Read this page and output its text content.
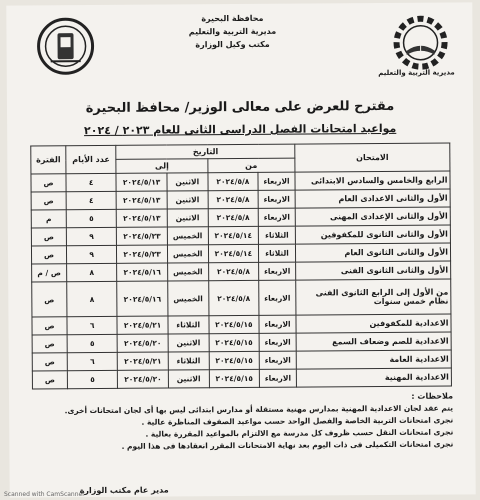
محافظة البحيرة
مديرية التربية والتعليم
مكتب وكيل الوزارة
مديرية التربية والتعليم
مقترح للعرض على معالى الوزير/ محافظ البحيرة
مواعيد امتحانات الفصل الدراسى الثانى للعام ٢٠٢٣ / ٢٠٢٤
الامتحان	التاريخ				عدد الأيام	الفترة
	من		إلى			
الرابع والخامس والسادس الابتدائى	الاربعاء	٢٠٢٤/٥/٨	الاثنين	٢٠٢٤/٥/١٣	٤	ص
الأول والثانى الاعدادى العام	الاربعاء	٢٠٢٤/٥/٨	الاثنين	٢٠٢٤/٥/١٣	٤	ص
الأول والثانى الإعدادى المهنى	الاربعاء	٢٠٢٤/٥/٨	الاثنين	٢٠٢٤/٥/١٣	٥	م
الأول والثانى الثانوى للمكفوفين	الثلاثاء	٢٠٢٤/٥/١٤	الخميس	٢٠٢٤/٥/٢٣	٩	ص
الأول والثانى الثانوى العام	الثلاثاء	٢٠٢٤/٥/١٤	الخميس	٢٠٢٤/٥/٢٣	٩	ص
الأول والثانى الثانوى الفنى	الاربعاء	٢٠٢٤/٥/٨	الخميس	٢٠٢٤/٥/١٦	٨	ص / م
من الأول إلى الرابع الثانوى الفنى نظام خمس سنوات	الاربعاء	٢٠٢٤/٥/٨	الخميس	٢٠٢٤/٥/١٦	٨	ص
الاعدادية للمكفوفين	الاربعاء	٢٠٢٤/٥/١٥	الثلاثاء	٢٠٢٤/٥/٢١	٦	ص
الاعدادية للصم وضعاف السمع	الاربعاء	٢٠٢٤/٥/١٥	الاثنين	٢٠٢٤/٥/٢٠	٥	ص
الاعدادية العامة	الاربعاء	٢٠٢٤/٥/١٥	الثلاثاء	٢٠٢٤/٥/٢١	٦	ص
الاعدادية المهنية	الاربعاء	٢٠٢٤/٥/١٥	الاثنين	٢٠٢٤/٥/٢٠	٥	ص
ملاحظات :
يتم عقد لجان الاعدادية المهنية بمدارس مهنية مستقلة أو مدارس ابتدائى ليس بها أى لجان امتحانات أخرى.
تجرى امتحانات التربية الخاصة والفصل الواحد حسب مواعيد الصفوف المناظرة عالية .
تجرى امتحانات النقل حسب ظروف كل مدرسة مع الالتزام بالمواعيد المقررة بعالية .
تجرى امتحانات التكميلى فى ذات اليوم بعد نهاية الامتحانات المقرر انعقادها فى هذا اليوم .
مدير عام مكتب الوزارة
Scanned with CamScanner
